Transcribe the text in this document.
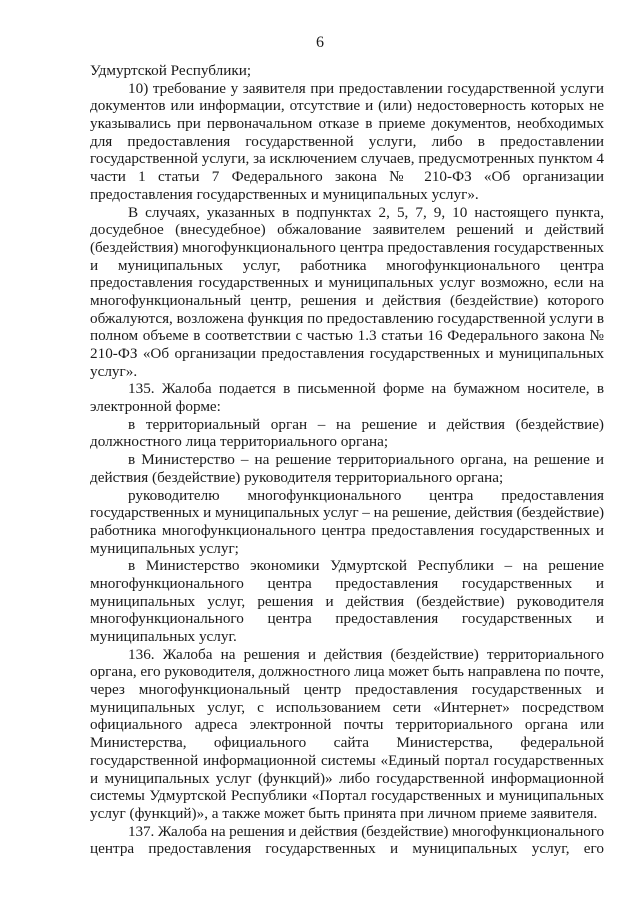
6
Удмуртской Республики;
10) требование у заявителя при предоставлении государственной услуги
документов или информации, отсутствие и (или) недостоверность которых не
указывались при первоначальном отказе в приеме документов, необходимых
для предоставления государственной услуги, либо в предоставлении
государственной услуги, за исключением случаев, предусмотренных пунктом 4
части 1 статьи 7 Федерального закона № 210-ФЗ «Об организации
предоставления государственных и муниципальных услуг».
В случаях, указанных в подпунктах 2, 5, 7, 9, 10 настоящего пункта,
досудебное (внесудебное) обжалование заявителем решений и действий
(бездействия) многофункционального центра предоставления государственных
и муниципальных услуг, работника многофункционального центра
предоставления государственных и муниципальных услуг возможно, если на
многофункциональный центр, решения и действия (бездействие) которого
обжалуются, возложена функция по предоставлению государственной услуги в
полном объеме в соответствии с частью 1.3 статьи 16 Федерального закона №
210-ФЗ «Об организации предоставления государственных и муниципальных
услуг».
135. Жалоба подается в письменной форме на бумажном носителе, в
электронной форме:
в территориальный орган – на решение и действия (бездействие)
должностного лица территориального органа;
в Министерство – на решение территориального органа, на решение и
действия (бездействие) руководителя территориального органа;
руководителю многофункционального центра предоставления
государственных и муниципальных услуг – на решение, действия (бездействие)
работника многофункционального центра предоставления государственных и
муниципальных услуг;
в Министерство экономики Удмуртской Республики – на решение
многофункционального центра предоставления государственных и
муниципальных услуг, решения и действия (бездействие) руководителя
многофункционального центра предоставления государственных и
муниципальных услуг.
136. Жалоба на решения и действия (бездействие) территориального
органа, его руководителя, должностного лица может быть направлена по почте,
через многофункциональный центр предоставления государственных и
муниципальных услуг, с использованием сети «Интернет» посредством
официального адреса электронной почты территориального органа или
Министерства, официального сайта Министерства, федеральной
государственной информационной системы «Единый портал государственных
и муниципальных услуг (функций)» либо государственной информационной
системы Удмуртской Республики «Портал государственных и муниципальных
услуг (функций)», а также может быть принята при личном приеме заявителя.
137. Жалоба на решения и действия (бездействие) многофункционального
центра предоставления государственных и муниципальных услуг, его
